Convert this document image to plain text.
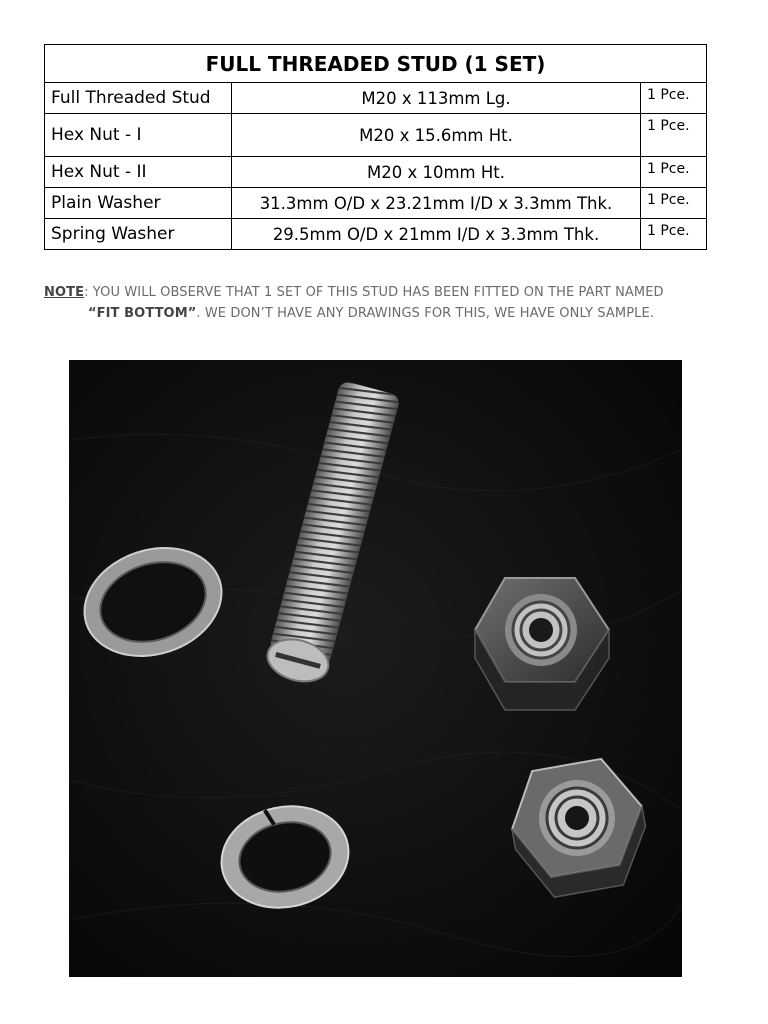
FULL THREADED STUD (1 SET)		
Full Threaded Stud	M20 x 113mm Lg.	1 Pce.
Hex Nut - I	M20 x 15.6mm Ht.	1 Pce.
Hex Nut - II	M20 x 10mm Ht.	1 Pce.
Plain Washer	31.3mm O/D x 23.21mm I/D x 3.3mm Thk.	1 Pce.
Spring Washer	29.5mm O/D x 21mm I/D x 3.3mm Thk.	1 Pce.
NOTE: YOU WILL OBSERVE THAT 1 SET OF THIS STUD HAS BEEN FITTED ON THE PART NAMED
“FIT BOTTOM”. WE DON’T HAVE ANY DRAWINGS FOR THIS, WE HAVE ONLY SAMPLE.
